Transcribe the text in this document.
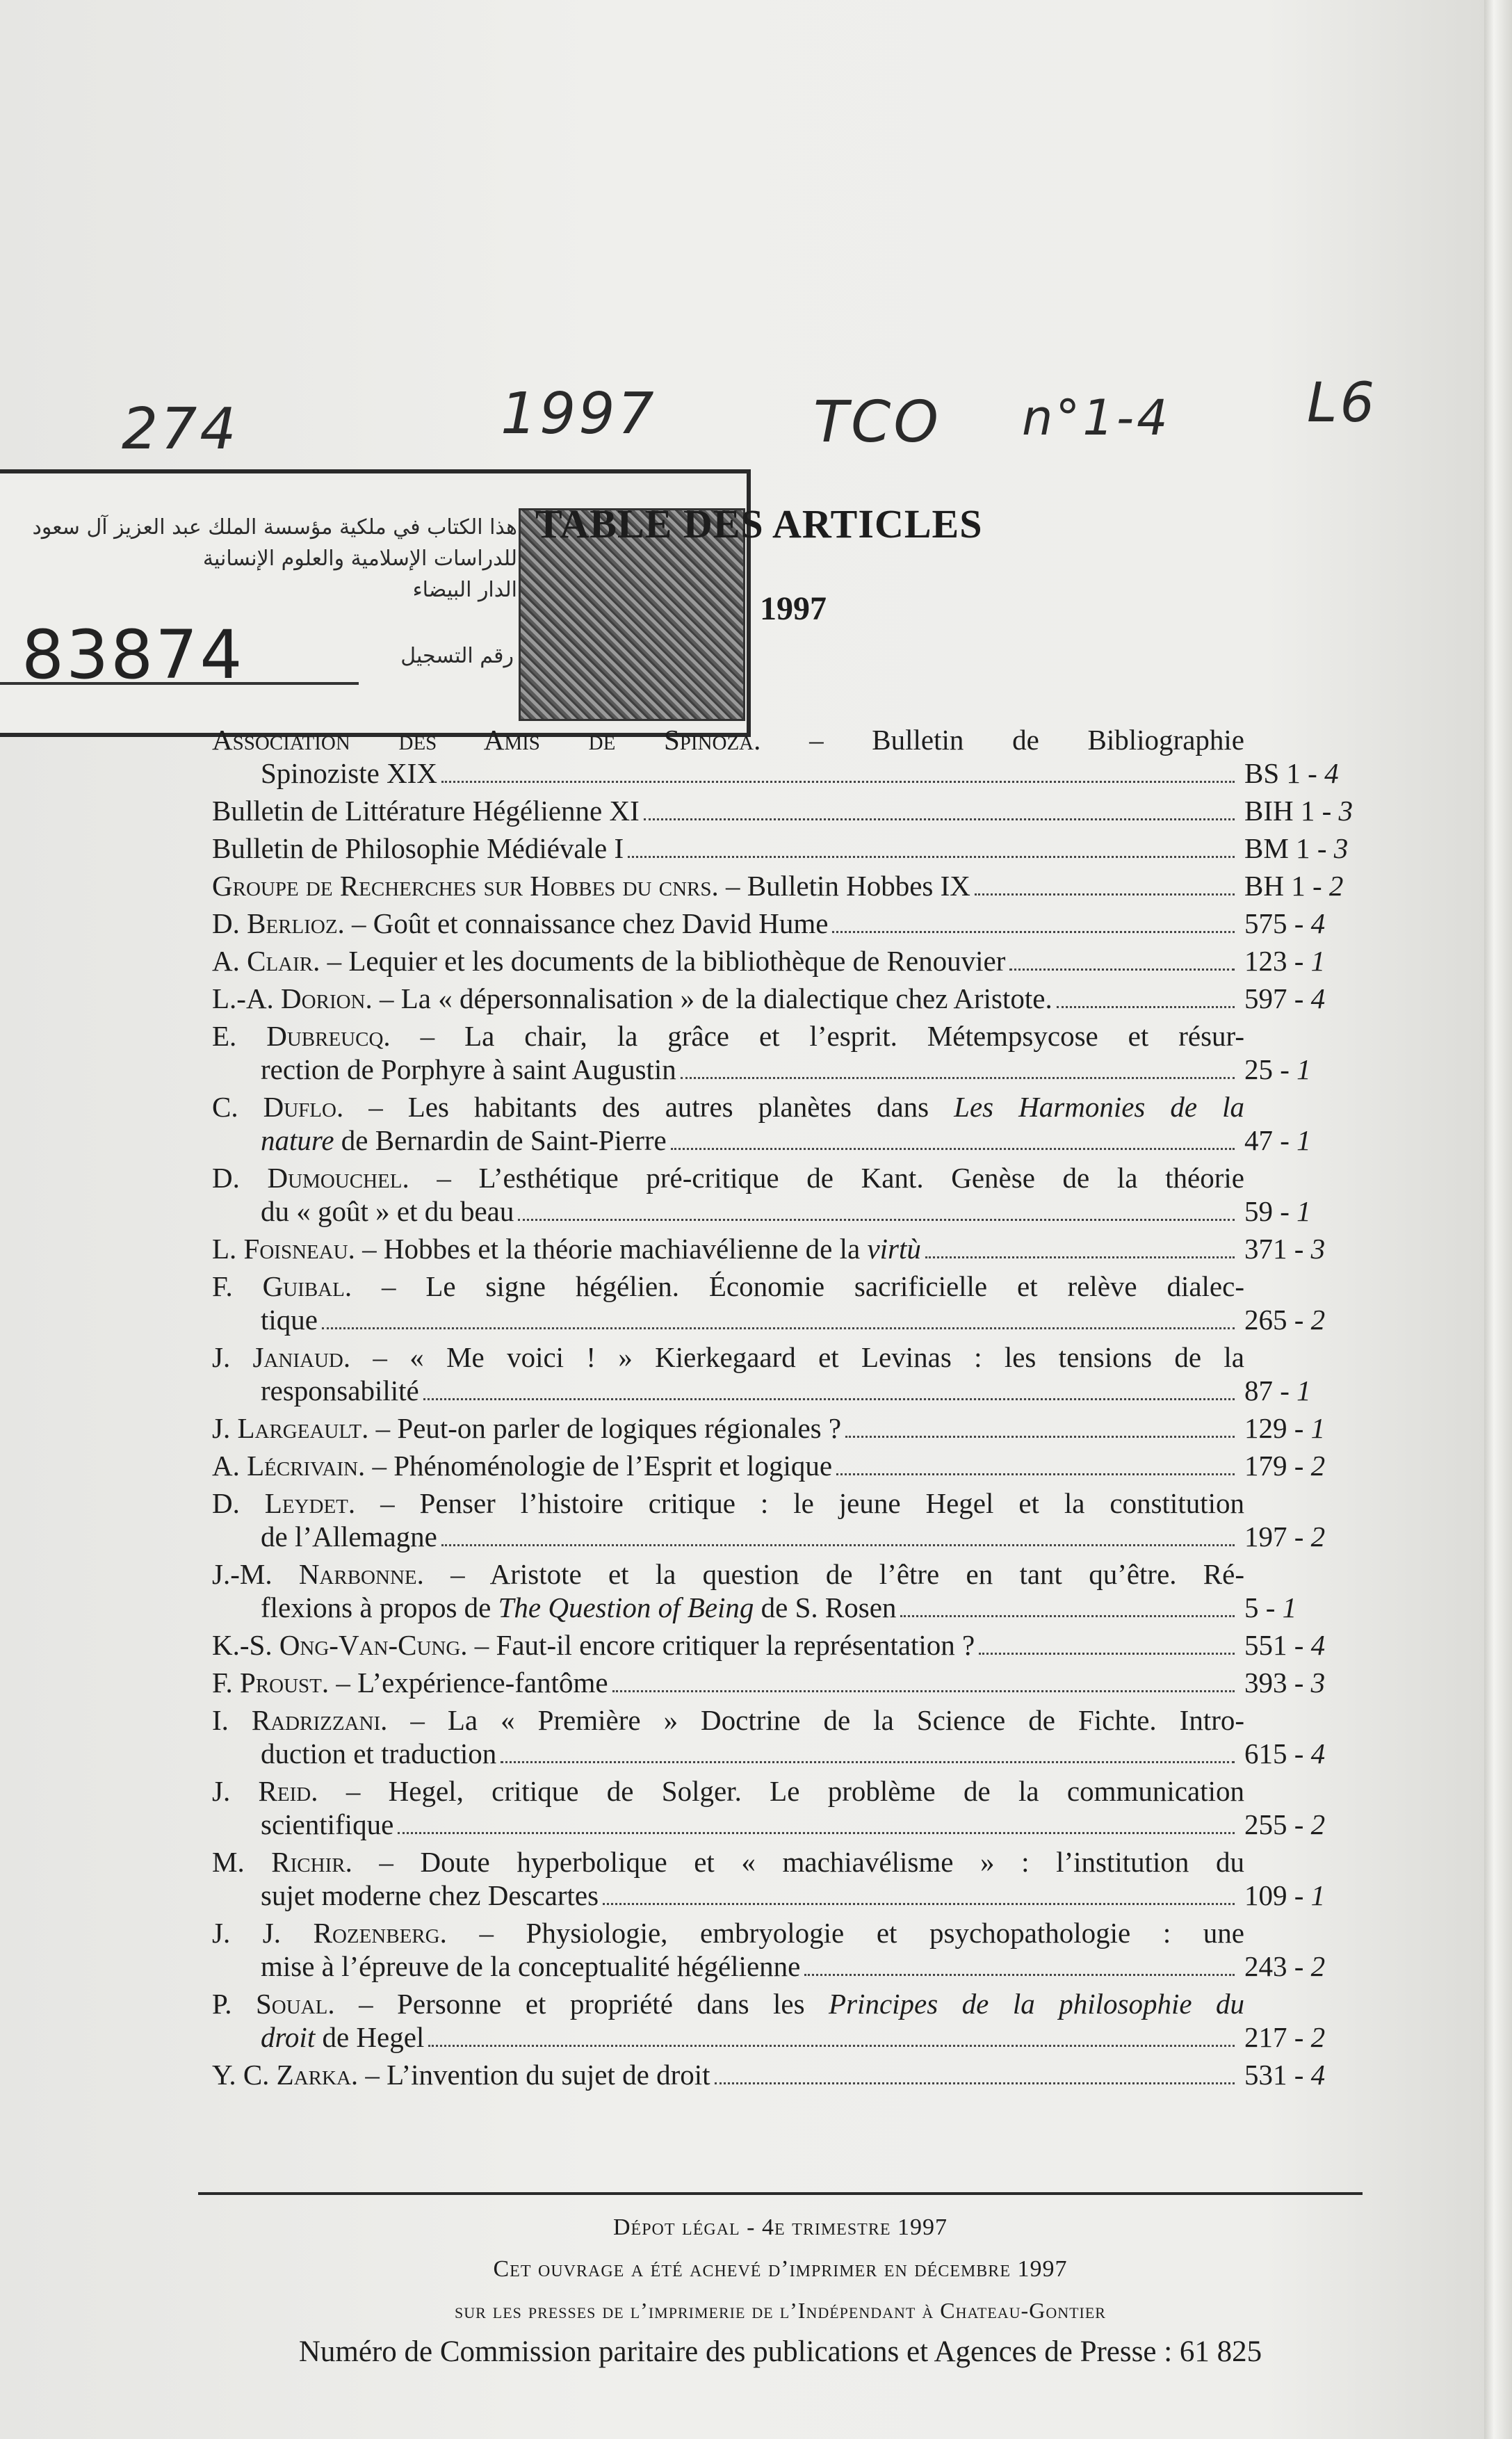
274	1997	TCO n°1-4	L6
هذا الكتاب في ملكية مؤسسة الملك عبد العزيز آل سعود
للدراسات الإسلامية والعلوم الإنسانية
الدار البيضاء
83874	رقم التسجيل
TABLE DES ARTICLES
1997
Association des Amis de Spinoza. – Bulletin de Bibliographie
Spinoziste XIX	BS 1 - 4
Bulletin de Littérature Hégélienne XI	BIH 1 - 3
Bulletin de Philosophie Médiévale I	BM 1 - 3
Groupe de Recherches sur Hobbes du cnrs. – Bulletin Hobbes IX	BH 1 - 2
D. Berlioz. – Goût et connaissance chez David Hume	575 - 4
A. Clair. – Lequier et les documents de la bibliothèque de Renouvier	123 - 1
L.-A. Dorion. – La « dépersonnalisation » de la dialectique chez Aristote.	597 - 4
E. Dubreucq. – La chair, la grâce et l’esprit. Métempsycose et résur-
rection de Porphyre à saint Augustin	25 - 1
C. Duflo. – Les habitants des autres planètes dans Les Harmonies de la
nature de Bernardin de Saint-Pierre	47 - 1
D. Dumouchel. – L’esthétique pré-critique de Kant. Genèse de la théorie
du « goût » et du beau	59 - 1
L. Foisneau. – Hobbes et la théorie machiavélienne de la virtù	371 - 3
F. Guibal. – Le signe hégélien. Économie sacrificielle et relève dialec-
tique	265 - 2
J. Janiaud. – « Me voici ! » Kierkegaard et Levinas : les tensions de la
responsabilité	87 - 1
J. Largeault. – Peut-on parler de logiques régionales ?	129 - 1
A. Lécrivain. – Phénoménologie de l’Esprit et logique	179 - 2
D. Leydet. – Penser l’histoire critique : le jeune Hegel et la constitution
de l’Allemagne	197 - 2
J.-M. Narbonne. – Aristote et la question de l’être en tant qu’être. Ré-
flexions à propos de The Question of Being de S. Rosen	5 - 1
K.-S. Ong-Van-Cung. – Faut-il encore critiquer la représentation ?	551 - 4
F. Proust. – L’expérience-fantôme	393 - 3
I. Radrizzani. – La « Première » Doctrine de la Science de Fichte. Intro-
duction et traduction	615 - 4
J. Reid. – Hegel, critique de Solger. Le problème de la communication
scientifique	255 - 2
M. Richir. – Doute hyperbolique et « machiavélisme » : l’institution du
sujet moderne chez Descartes	109 - 1
J. J. Rozenberg. – Physiologie, embryologie et psychopathologie : une
mise à l’épreuve de la conceptualité hégélienne	243 - 2
P. Soual. – Personne et propriété dans les Principes de la philosophie du
droit de Hegel	217 - 2
Y. C. Zarka. – L’invention du sujet de droit	531 - 4
Dépot légal - 4e trimestre 1997
Cet ouvrage a été achevé d’imprimer en décembre 1997
sur les presses de l’imprimerie de l’Indépendant à Chateau-Gontier
Numéro de Commission paritaire des publications et Agences de Presse : 61 825
